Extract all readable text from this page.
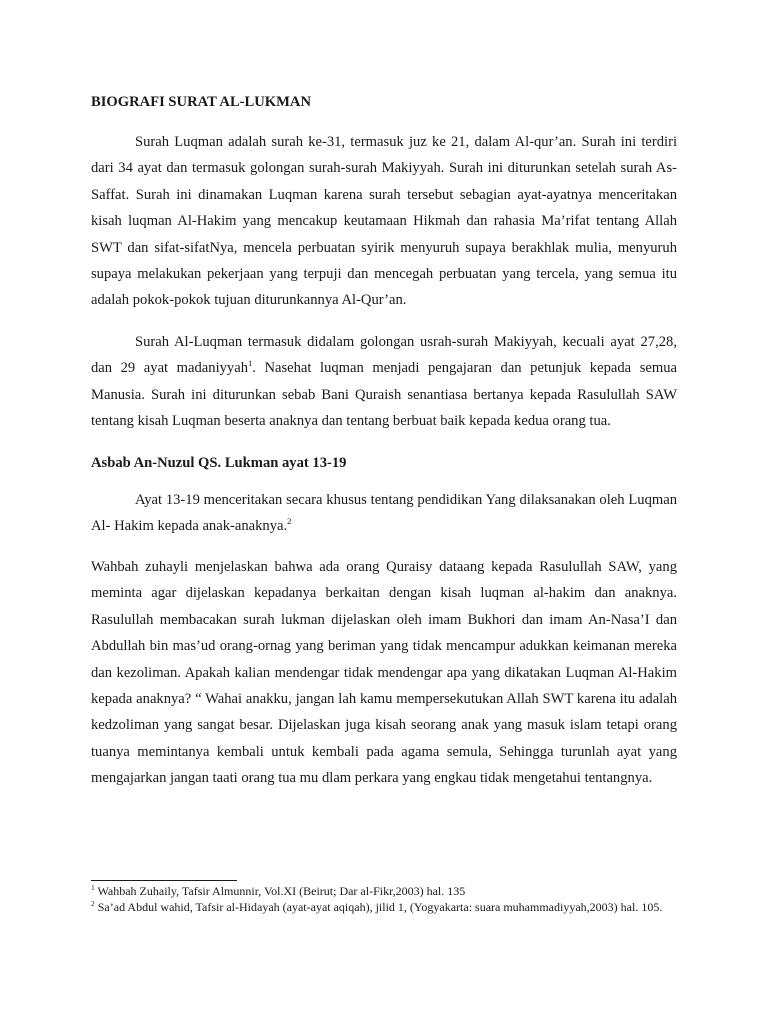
BIOGRAFI SURAT AL-LUKMAN

Surah Luqman adalah surah ke-31, termasuk juz ke 21, dalam Al-qur’an. Surah ini terdiri dari 34 ayat dan termasuk golongan surah-surah Makiyyah. Surah ini diturunkan setelah surah As-Saffat. Surah ini dinamakan Luqman karena surah tersebut sebagian ayat-ayatnya menceritakan kisah luqman Al-Hakim yang mencakup keutamaan Hikmah dan rahasia Ma’rifat tentang Allah SWT dan sifat-sifatNya, mencela perbuatan syirik menyuruh supaya berakhlak mulia, menyuruh supaya melakukan pekerjaan yang terpuji dan mencegah perbuatan yang tercela, yang semua itu adalah pokok-pokok tujuan diturunkannya Al-Qur’an.

Surah Al-Luqman termasuk didalam golongan usrah-surah Makiyyah, kecuali ayat 27,28, dan 29 ayat madaniyyah$^1$. Nasehat luqman menjadi pengajaran dan petunjuk kepada semua Manusia. Surah ini diturunkan sebab Bani Quraish senantiasa bertanya kepada Rasulullah SAW tentang kisah Luqman beserta anaknya dan tentang berbuat baik kepada kedua orang tua.

Asbab An-Nuzul QS. Lukman ayat 13-19

Ayat 13-19 menceritakan secara khusus tentang pendidikan Yang dilaksanakan oleh Luqman Al- Hakim kepada anak-anaknya.$^2$

Wahbah zuhayli menjelaskan bahwa ada orang Quraisy dataang kepada Rasulullah SAW, yang meminta agar dijelaskan kepadanya berkaitan dengan kisah luqman al-hakim dan anaknya. Rasulullah membacakan surah lukman dijelaskan oleh imam Bukhori dan imam An-Nasa’I dan Abdullah bin mas’ud orang-ornag yang beriman yang tidak mencampur adukkan keimanan mereka dan kezoliman. Apakah kalian mendengar tidak mendengar apa yang dikatakan Luqman Al-Hakim kepada anaknya? “ Wahai anakku, jangan lah kamu mempersekutukan Allah SWT karena itu adalah kedzoliman yang sangat besar. Dijelaskan juga kisah seorang anak yang masuk islam tetapi orang tuanya memintanya kembali untuk kembali pada agama semula, Sehingga turunlah ayat yang mengajarkan jangan taati orang tua mu dlam perkara yang engkau tidak mengetahui tentangnya.

$^1$ Wahbah Zuhaily, Tafsir Almunnir, Vol.XI (Beirut; Dar al-Fikr,2003) hal. 135

$^2$ Sa’ad Abdul wahid, Tafsir al-Hidayah (ayat-ayat aqiqah), jilid 1, (Yogyakarta: suara muhammadiyyah,2003) hal. 105.
